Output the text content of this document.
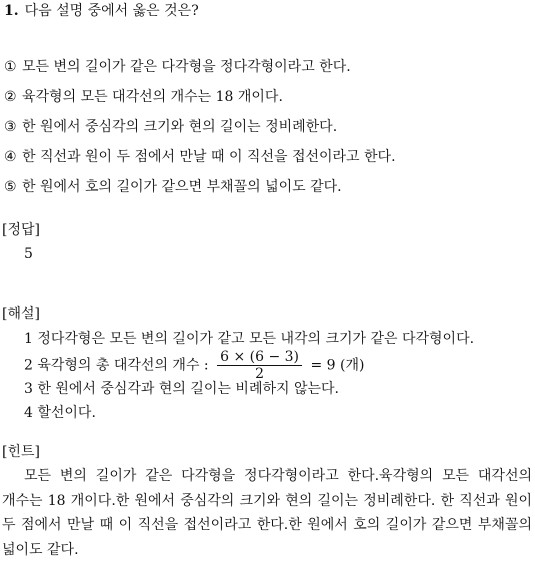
1. 다음 설명 중에서 옳은 것은?
① 모든 변의 길이가 같은 다각형을 정다각형이라고 한다.
② 육각형의 모든 대각선의 개수는 18 개이다.
③ 한 원에서 중심각의 크기와 현의 길이는 정비례한다.
④ 한 직선과 원이 두 점에서 만날 때 이 직선을 접선이라고 한다.
⑤ 한 원에서 호의 길이가 같으면 부채꼴의 넓이도 같다.
[정답]
5
[해설]
1 정다각형은 모든 변의 길이가 같고 모든 내각의 크기가 같은 다각형이다.
2 육각형의 총 대각선의 개수 : $\frac{6 \times (6 - 3)}{2} = 9$ (개)
3 한 원에서 중심각과 현의 길이는 비례하지 않는다.
4 할선이다.
[힌트]
모든 변의 길이가 같은 다각형을 정다각형이라고 한다.육각형의 모든 대각선의 개수는 18 개이다.한 원에서 중심각의 크기와 현의 길이는 정비례한다. 한 직선과 원이 두 점에서 만날 때 이 직선을 접선이라고 한다.한 원에서 호의 길이가 같으면 부채꼴의 넓이도 같다.
